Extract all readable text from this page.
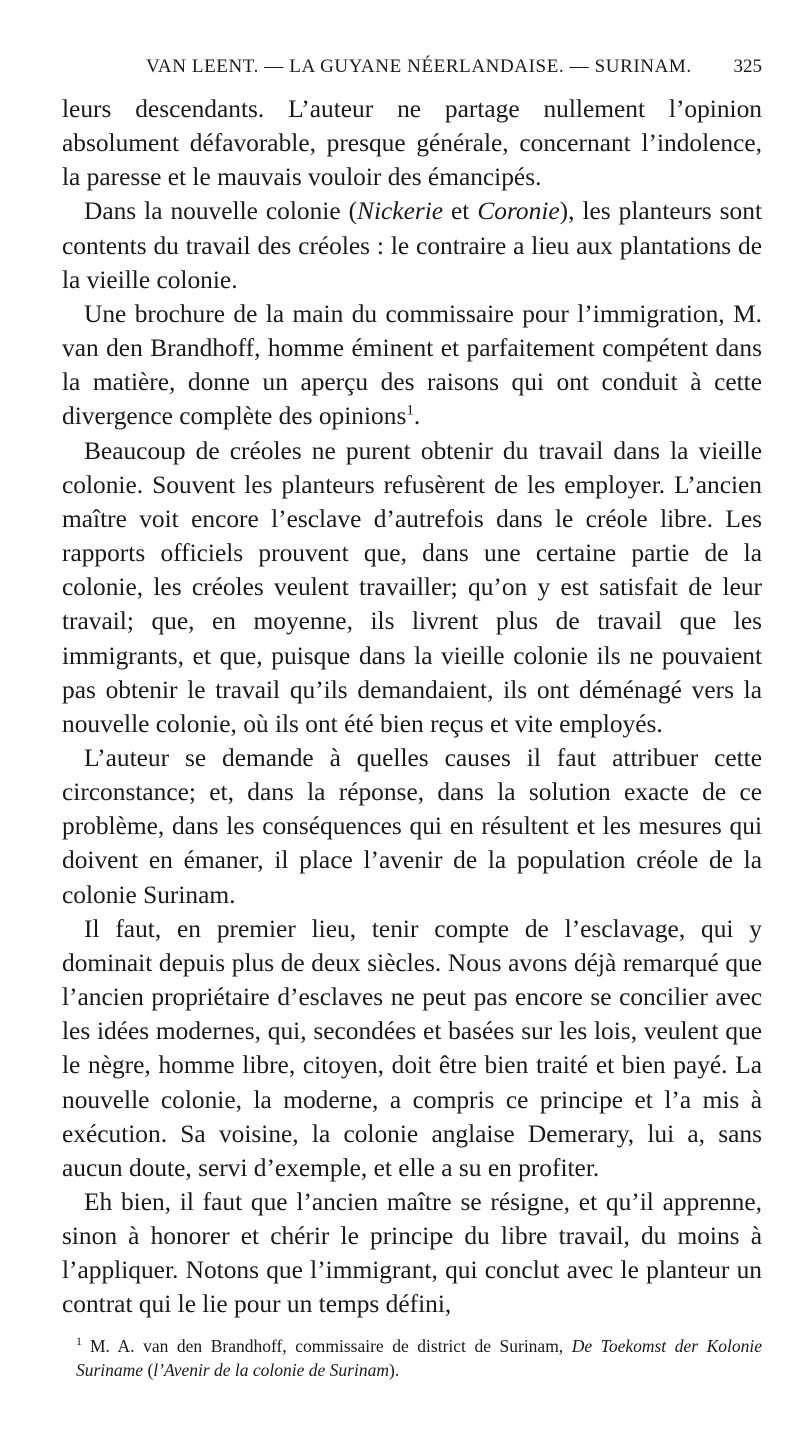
VAN LEENT. — LA GUYANE NÉERLANDAISE. — SURINAM. 325

leurs descendants. L’auteur ne partage nullement l’opinion absolument défavorable, presque générale, concernant l’indolence, la paresse et le mauvais vouloir des émancipés.

Dans la nouvelle colonie (Nickerie et Coronie), les planteurs sont contents du travail des créoles : le contraire a lieu aux plantations de la vieille colonie.

Une brochure de la main du commissaire pour l’immigration, M. van den Brandhoff, homme éminent et parfaitement compétent dans la matière, donne un aperçu des raisons qui ont conduit à cette divergence complète des opinions$^1$.

Beaucoup de créoles ne purent obtenir du travail dans la vieille colonie. Souvent les planteurs refusèrent de les employer. L’ancien maître voit encore l’esclave d’autrefois dans le créole libre. Les rapports officiels prouvent que, dans une certaine partie de la colonie, les créoles veulent travailler; qu’on y est satisfait de leur travail; que, en moyenne, ils livrent plus de travail que les immigrants, et que, puisque dans la vieille colonie ils ne pouvaient pas obtenir le travail qu’ils demandaient, ils ont déménagé vers la nouvelle colonie, où ils ont été bien reçus et vite employés.

L’auteur se demande à quelles causes il faut attribuer cette circonstance; et, dans la réponse, dans la solution exacte de ce problème, dans les conséquences qui en résultent et les mesures qui doivent en émaner, il place l’avenir de la population créole de la colonie Surinam.

Il faut, en premier lieu, tenir compte de l’esclavage, qui y dominait depuis plus de deux siècles. Nous avons déjà remarqué que l’ancien propriétaire d’esclaves ne peut pas encore se concilier avec les idées modernes, qui, secondées et basées sur les lois, veulent que le nègre, homme libre, citoyen, doit être bien traité et bien payé. La nouvelle colonie, la moderne, a compris ce principe et l’a mis à exécution. Sa voisine, la colonie anglaise Demerary, lui a, sans aucun doute, servi d’exemple, et elle a su en profiter.

Eh bien, il faut que l’ancien maître se résigne, et qu’il apprenne, sinon à honorer et chérir le principe du libre travail, du moins à l’appliquer. Notons que l’immigrant, qui conclut avec le planteur un contrat qui le lie pour un temps défini,

$^1$ M. A. van den Brandhoff, commissaire de district de Surinam, De Toekomst der Kolonie Suriname (l’Avenir de la colonie de Surinam).
